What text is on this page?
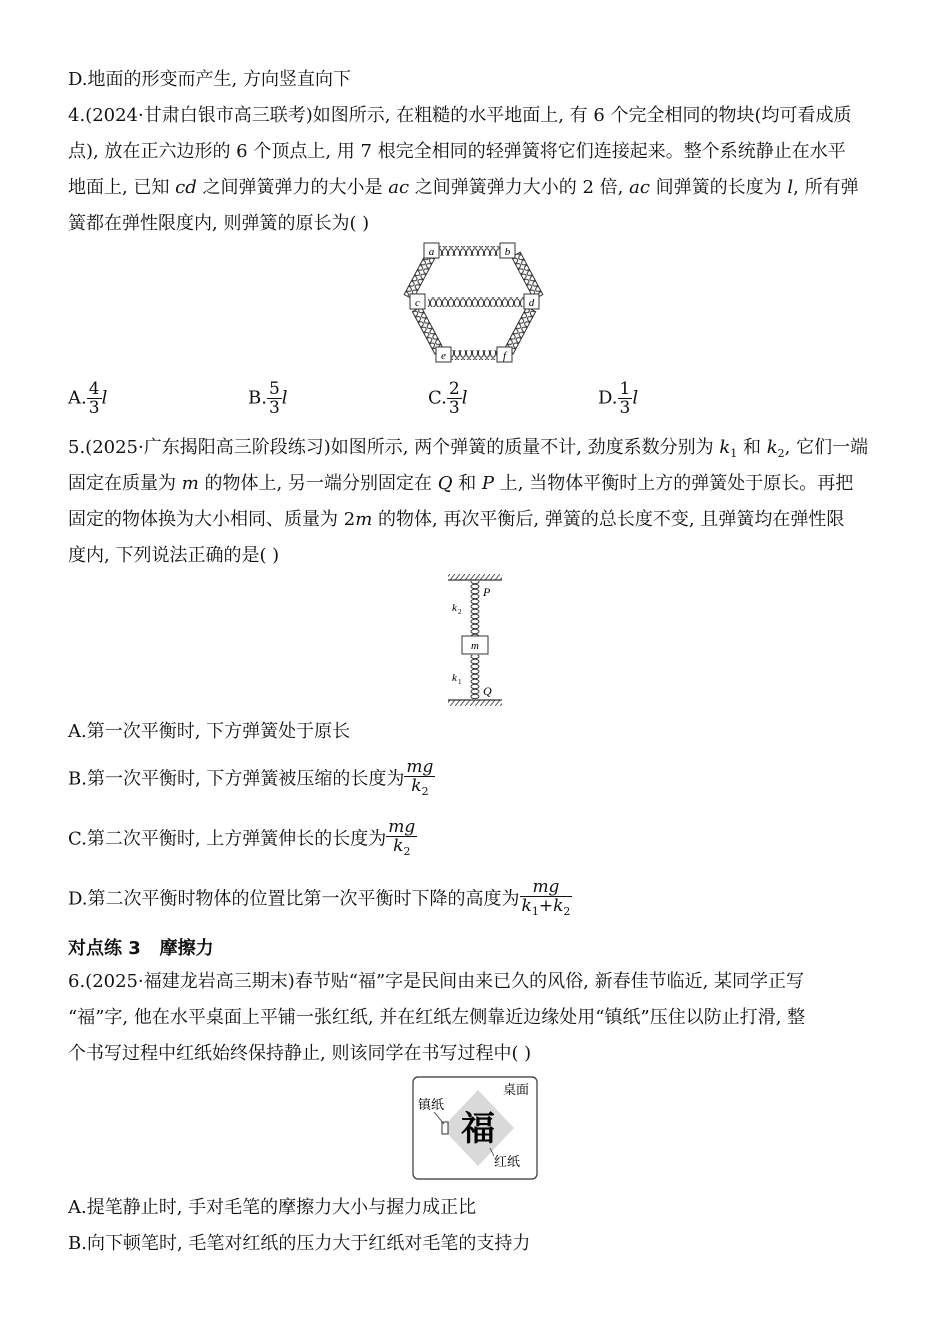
D.地面的形变而产生, 方向竖直向下
4.(2024·甘肃白银市高三联考)如图所示, 在粗糙的水平地面上, 有 6 个完全相同的物块(均可看成质
点), 放在正六边形的 6 个顶点上, 用 7 根完全相同的轻弹簧将它们连接起来。整个系统静止在水平
地面上, 已知 cd 之间弹簧弹力的大小是 ac 之间弹簧弹力大小的 2 倍, ac 间弹簧的长度为 l, 所有弹
簧都在弹性限度内, 则弹簧的原长为( )
a	b
c	d
e	f
A. $\frac{4}{3}$ l	B. $\frac{5}{3}$ l	C. $\frac{2}{3}$ l	D. $\frac{1}{3}$ l
5.(2025·广东揭阳高三阶段练习)如图所示, 两个弹簧的质量不计, 劲度系数分别为 $k_1$ 和 $k_2$, 它们一端
固定在质量为 m 的物体上, 另一端分别固定在 Q 和 P 上, 当物体平衡时上方的弹簧处于原长。再把
固定的物体换为大小相同、质量为 2m 的物体, 再次平衡后, 弹簧的总长度不变, 且弹簧均在弹性限
度内, 下列说法正确的是( )
m
P
Q
k 2
k 1
A.第一次平衡时, 下方弹簧处于原长
B.第一次平衡时, 下方弹簧被压缩的长度为 $\frac{mg}{k_2}$
C.第二次平衡时, 上方弹簧伸长的长度为 $\frac{mg}{k_2}$
D.第二次平衡时物体的位置比第一次平衡时下降的高度为 $\frac{mg}{k_1+k_2}$
对点练 3 摩擦力
6.(2025·福建龙岩高三期末)春节贴“福”字是民间由来已久的风俗, 新春佳节临近, 某同学正写
“福”字, 他在水平桌面上平铺一张红纸, 并在红纸左侧靠近边缘处用“镇纸”压住以防止打滑, 整
个书写过程中红纸始终保持静止, 则该同学在书写过程中( )
福
桌面
镇纸
红纸
A.提笔静止时, 手对毛笔的摩擦力大小与握力成正比
B.向下顿笔时, 毛笔对红纸的压力大于红纸对毛笔的支持力
